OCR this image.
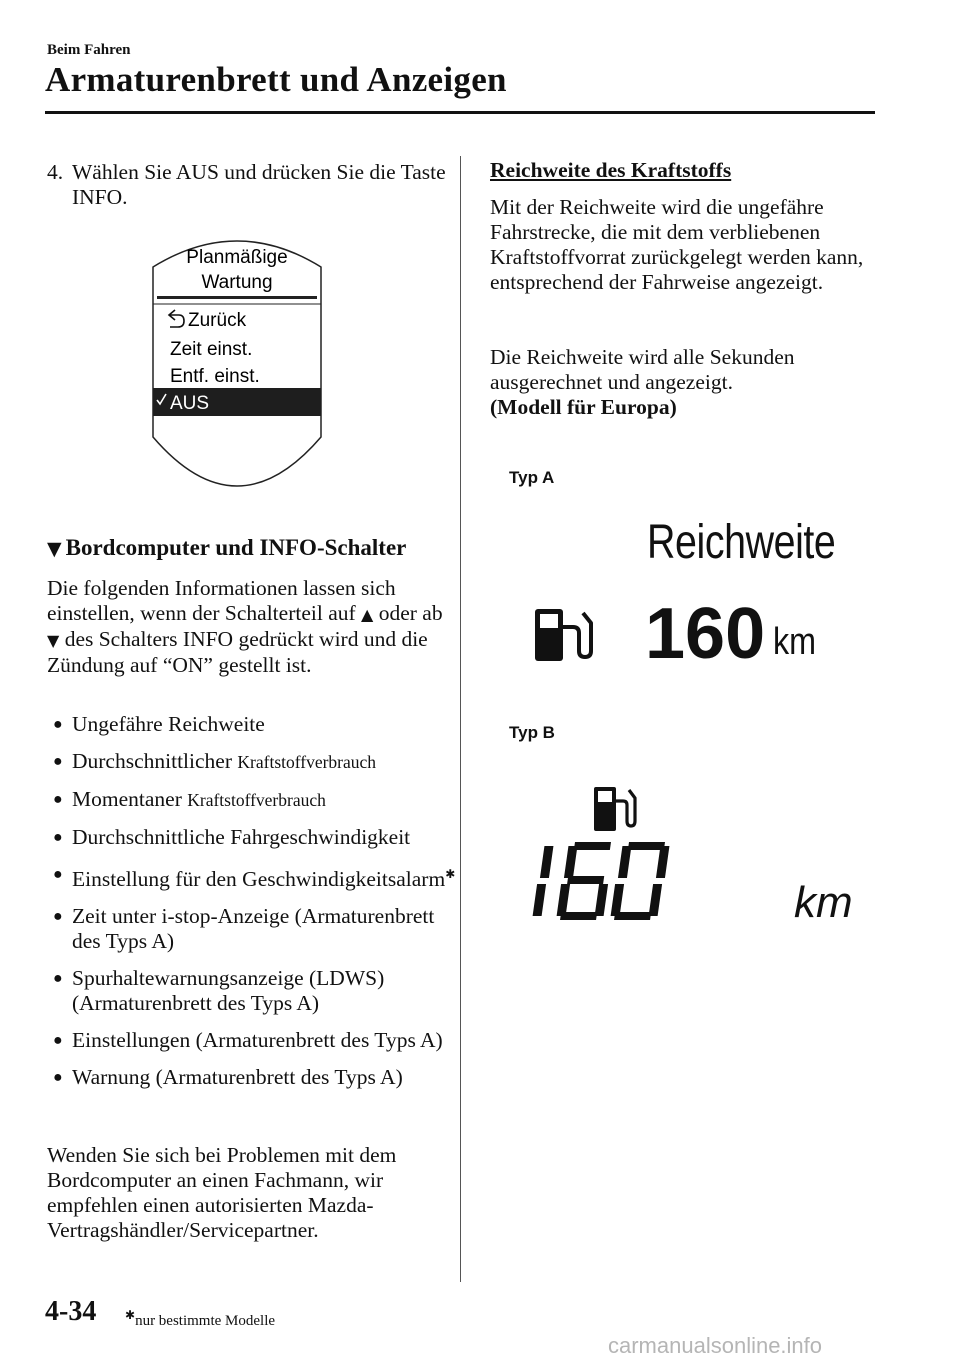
Beim Fahren
Armaturenbrett und Anzeigen
4. Wählen Sie AUS und drücken Sie die Taste INFO.
Planmäßige
Wartung
Zurück
Zeit einst.
Entf. einst.
AUS
▼ Bordcomputer und INFO-Schalter
Die folgenden Informationen lassen sich einstellen, wenn der Schalterteil auf ▲ oder ab ▼ des Schalters INFO gedrückt wird und die Zündung auf “ON” gestellt ist.
● Ungefähre Reichweite
● Durchschnittlicher Kraftstoffverbrauch
● Momentaner Kraftstoffverbrauch
● Durchschnittliche Fahrgeschwindigkeit
● Einstellung für den Geschwindigkeitsalarm✱
● Zeit unter i-stop-Anzeige (Armaturenbrett des Typs A)
● Spurhaltewarnungsanzeige (LDWS) (Armaturenbrett des Typs A)
● Einstellungen (Armaturenbrett des Typs A)
● Warnung (Armaturenbrett des Typs A)
Wenden Sie sich bei Problemen mit dem Bordcomputer an einen Fachmann, wir empfehlen einen autorisierten Mazda-Vertragshändler/Servicepartner.
Reichweite des Kraftstoffs
Mit der Reichweite wird die ungefähre Fahrstrecke, die mit dem verbliebenen Kraftstoffvorrat zurückgelegt werden kann, entsprechend der Fahrweise angezeigt.
Die Reichweite wird alle Sekunden ausgerechnet und angezeigt.
(Modell für Europa)
Typ A
Reichweite
160 km
Typ B
km
4-34 ✱nur bestimmte Modelle
carmanualsonline.info
